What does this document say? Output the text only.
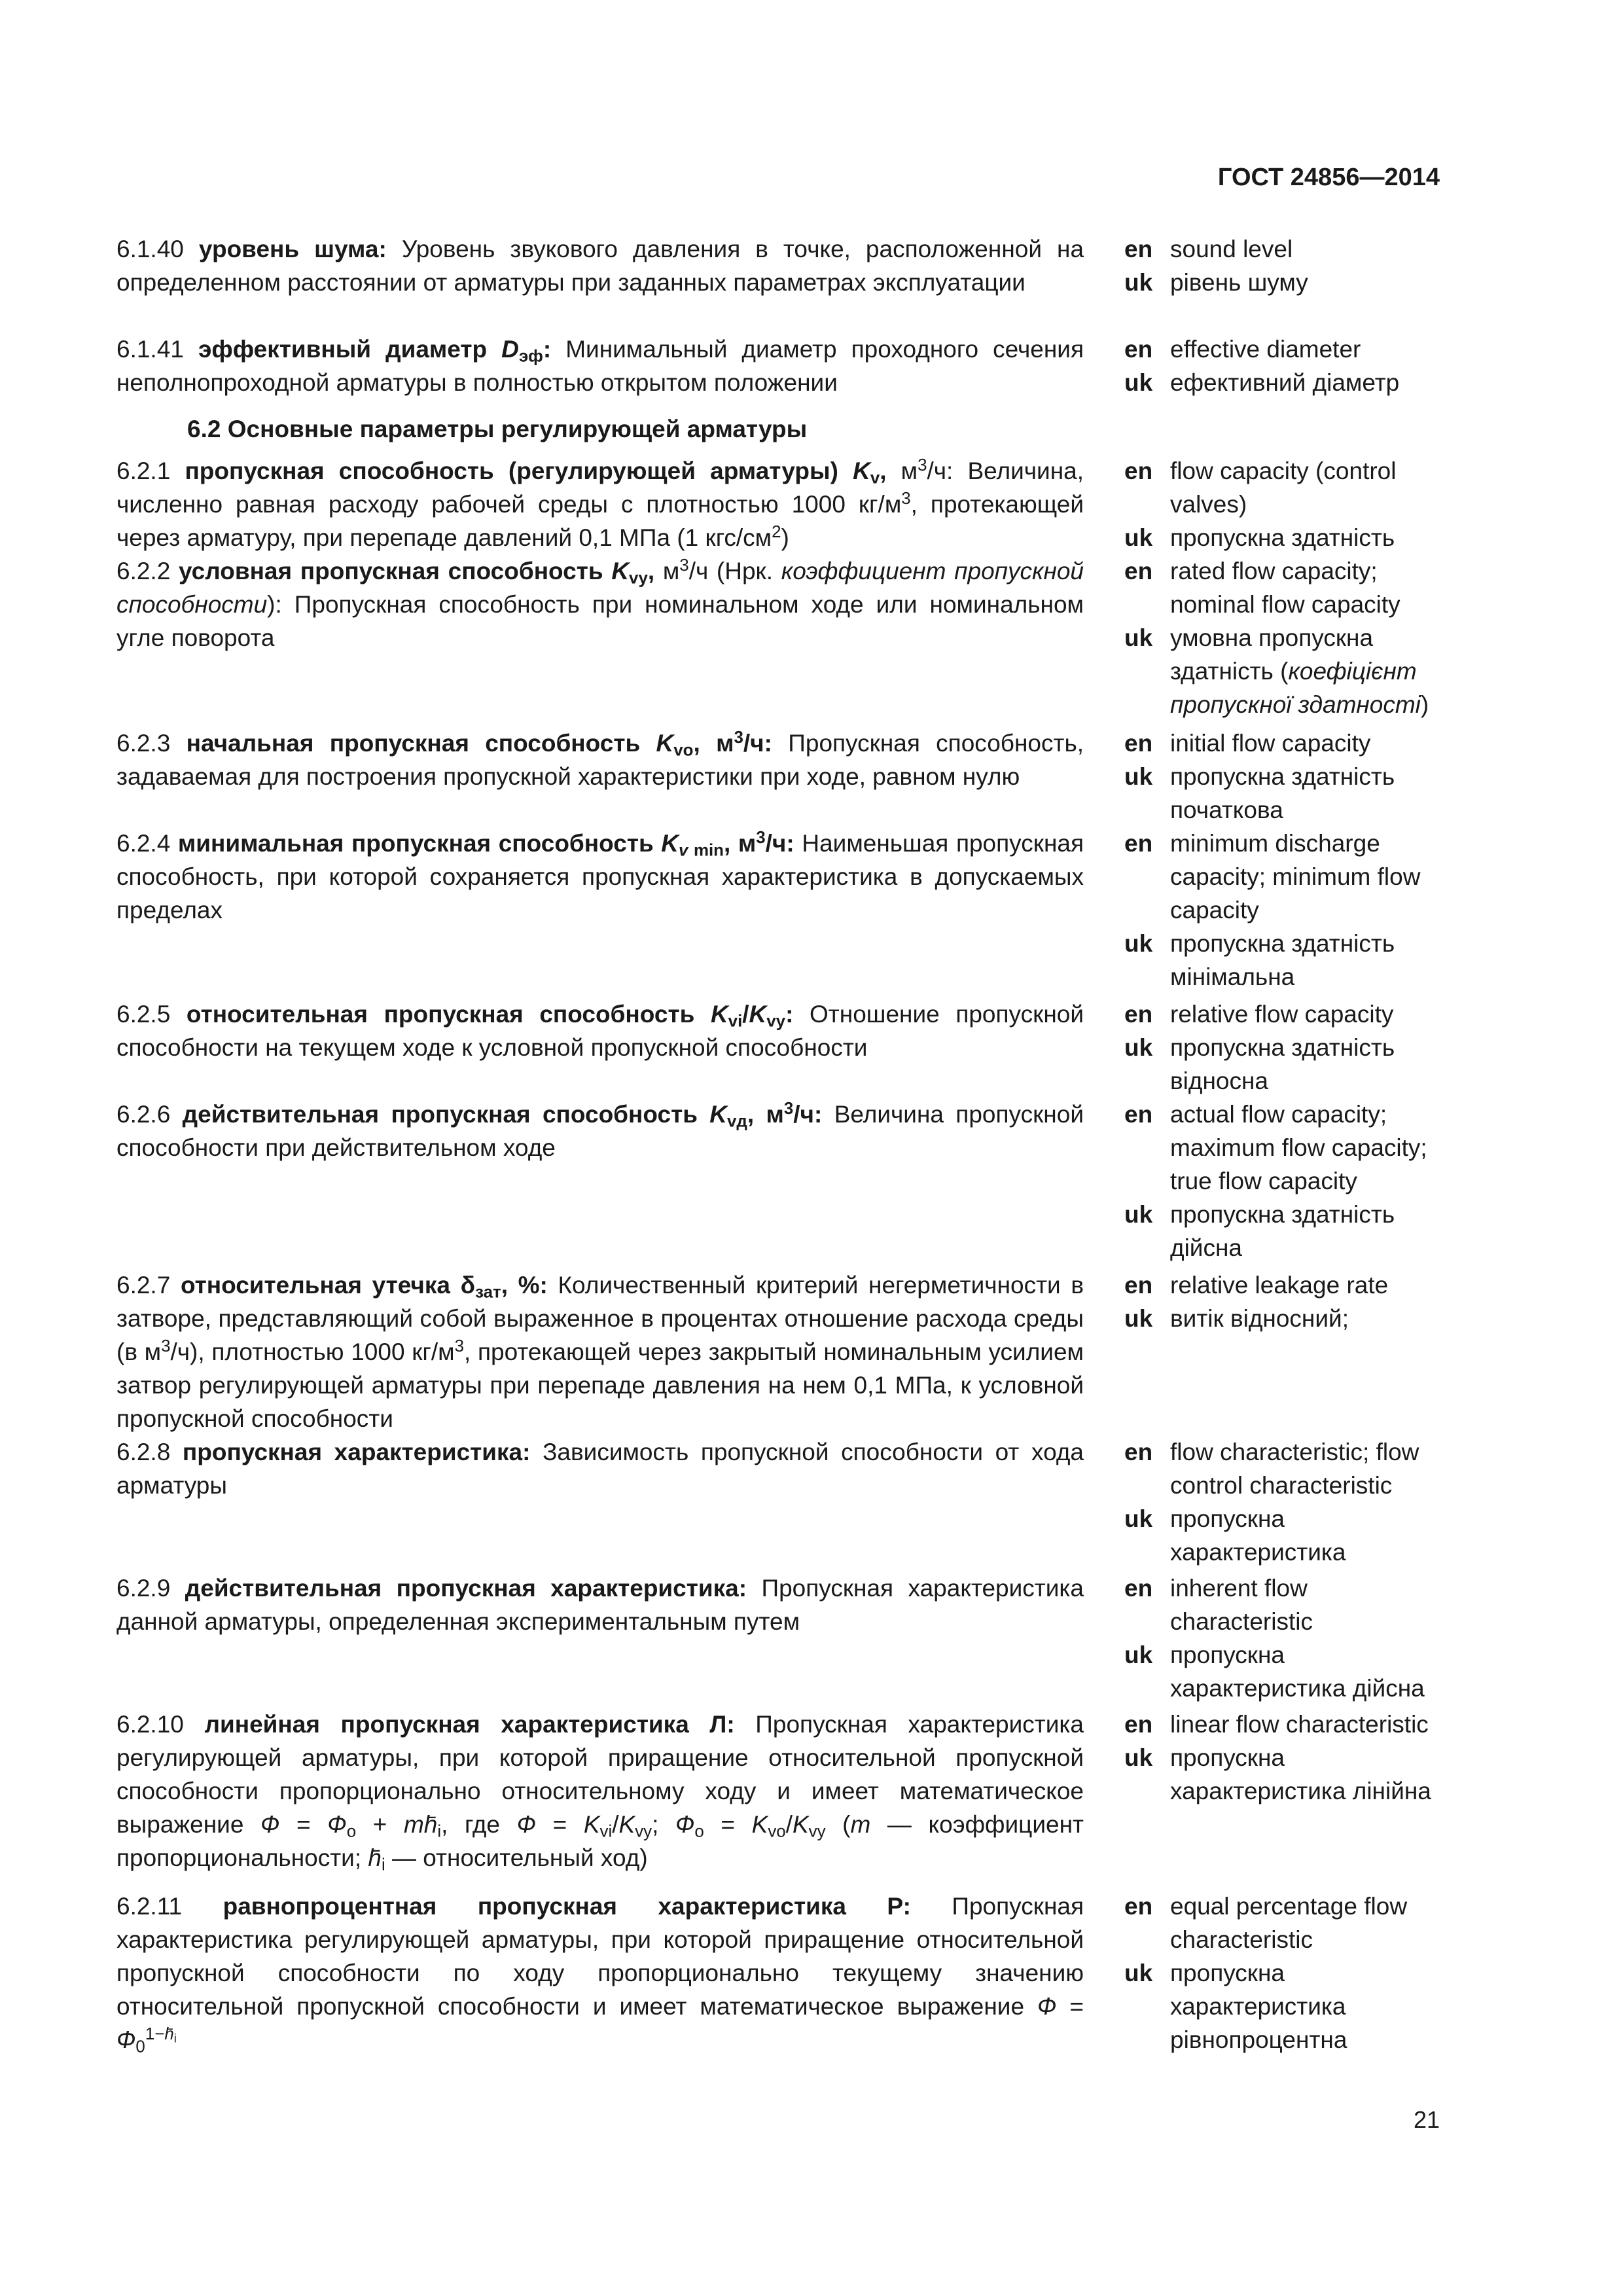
ГОСТ 24856—2014
6.2 Основные параметры регулирующей арматуры

6.1.40 уровень шума: Уровень звукового давления в точке, расположенной на определенном расстоянии от арматуры при заданных параметрах эксплуатации

en sound level
uk рівень шуму

6.1.41 эффективный диаметр $D_{эф}$: Минимальный диаметр проходного сечения неполнопроходной арматуры в полностью открытом положении

en effective diameter
uk ефективний діаметр

6.2.1 пропускная способность (регулирующей арматуры) $K_v$, $м^3/ч$: Величина, численно равная расходу рабочей среды с плотностью 1000 $кг/м^3$, протекающей через арматуру, при перепаде давлений 0,1 МПа (1 кгс/$см^2$)

en flow capacity (control valves)
uk пропускна здатність

6.2.2 условная пропускная способность $K_{vy}$, $м^3/ч$ (Нрк. коэффициент пропускной способности): Пропускная способность при номинальном ходе или номинальном угле поворота

en rated flow capacity; nominal flow capacity
uk умовна пропускна здатність (коефіцієнт пропускної здатності)

6.2.3 начальная пропускная способность $K_{vo}$, $м^3/ч$: Пропускная способность, задаваемая для построения пропускной характеристики при ходе, равном нулю

en initial flow capacity
uk пропускна здатність початкова

6.2.4 минимальная пропускная способность $K_{v min}$, $м^3/ч$: Наименьшая пропускная способность, при которой сохраняется пропускная характеристика в допускаемых пределах

en minimum discharge capacity; minimum flow capacity
uk пропускна здатність мінімальна

6.2.5 относительная пропускная способность $K_{vi}/K_{vy}$: Отношение пропускной способности на текущем ходе к условной пропускной способности

en relative flow capacity
uk пропускна здатність відносна

6.2.6 действительная пропускная способность $K_{vд}$, $м^3/ч$: Величина пропускной способности при действительном ходе

en actual flow capacity; maximum flow capacity; true flow capacity
uk пропускна здатність дійсна

6.2.7 относительная утечка $\delta_{зат}$, %: Количественный критерий негерметичности в затворе, представляющий собой выраженное в процентах отношение расхода среды (в $м^3/ч$), плотностью 1000 $кг/м^3$, протекающей через закрытый номинальным усилием затвор регулирующей арматуры при перепаде давления на нем 0,1 МПа, к условной пропускной способности

en relative leakage rate
uk витік відносний;

6.2.8 пропускная характеристика: Зависимость пропускной способности от хода арматуры

en flow characteristic; flow control characteristic
uk пропускна характеристика

6.2.9 действительная пропускная характеристика: Пропускная характеристика данной арматуры, определенная экспериментальным путем

en inherent flow characteristic
uk пропускна характеристика дійсна

6.2.10 линейная пропускная характеристика Л: Пропускная характеристика регулирующей арматуры, при которой приращение относительной пропускной способности пропорционально относительному ходу и имеет математическое выражение $Ф = Ф_о$ + $mh̄_i$, где $Ф = K_{vi}/K_{vy}$; $Ф_о = K_{vo}/K_{vy}$ (m — коэффициент пропорциональности; $h̄_i$ — относительный ход)

en linear flow characteristic
uk пропускна характеристика лінійна

6.2.11 равнопроцентная пропускная характеристика Р: Пропускная характеристика регулирующей арматуры, при которой приращение относительной пропускной способности по ходу пропорционально текущему значению относительной пропускной способности и имеет математическое выражение $Ф = Ф_0^{1-h̄_i}$

en equal percentage flow characteristic
uk пропускна характеристика рівнопроцентна
21
